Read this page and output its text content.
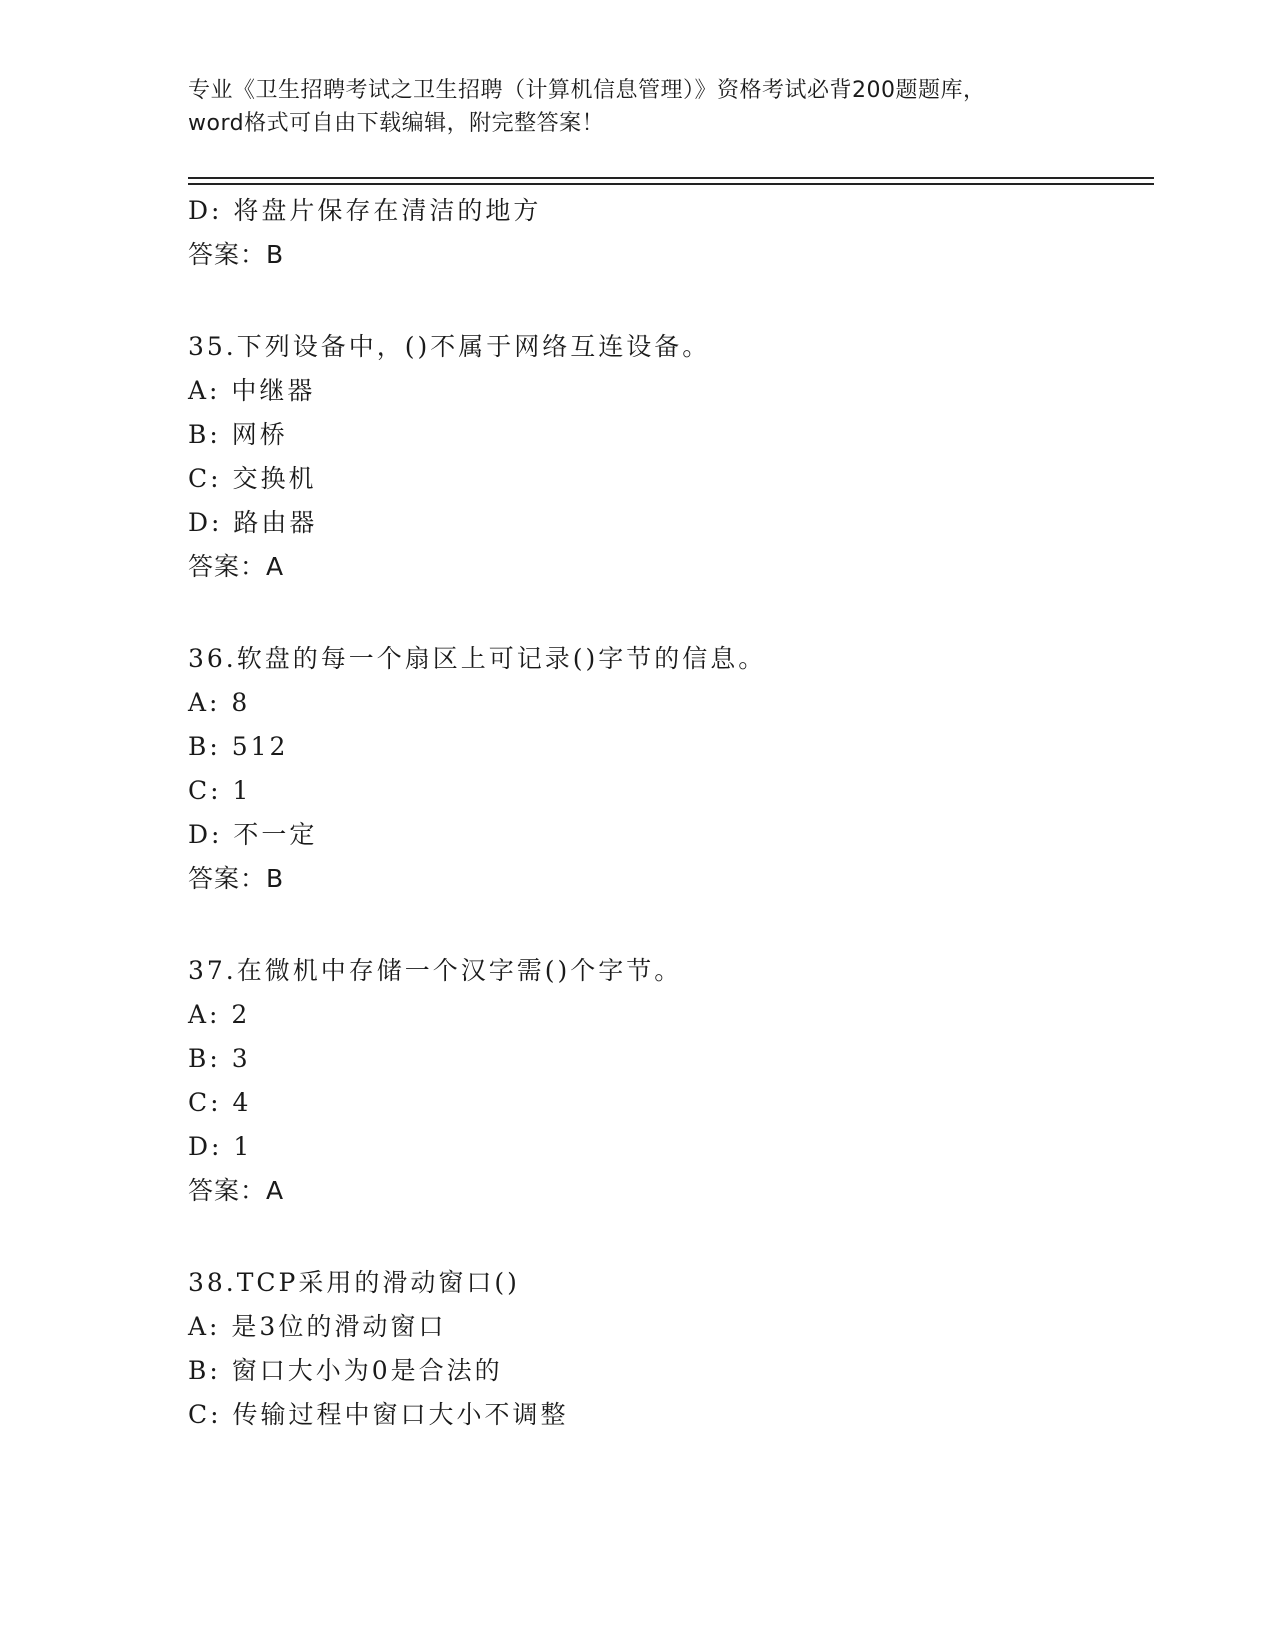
专业《卫生招聘考试之卫生招聘（计算机信息管理）》资格考试必背200题题库，
word格式可自由下载编辑，附完整答案！
D: 将盘片保存在清洁的地方
答案：B
35.下列设备中，()不属于网络互连设备。
A: 中继器
B: 网桥
C: 交换机
D: 路由器
答案：A
36.软盘的每一个扇区上可记录()字节的信息。
A: 8
B: 512
C: 1
D: 不一定
答案：B
37.在微机中存储一个汉字需()个字节。
A: 2
B: 3
C: 4
D: 1
答案：A
38.TCP采用的滑动窗口()
A: 是3位的滑动窗口
B: 窗口大小为0是合法的
C: 传输过程中窗口大小不调整
